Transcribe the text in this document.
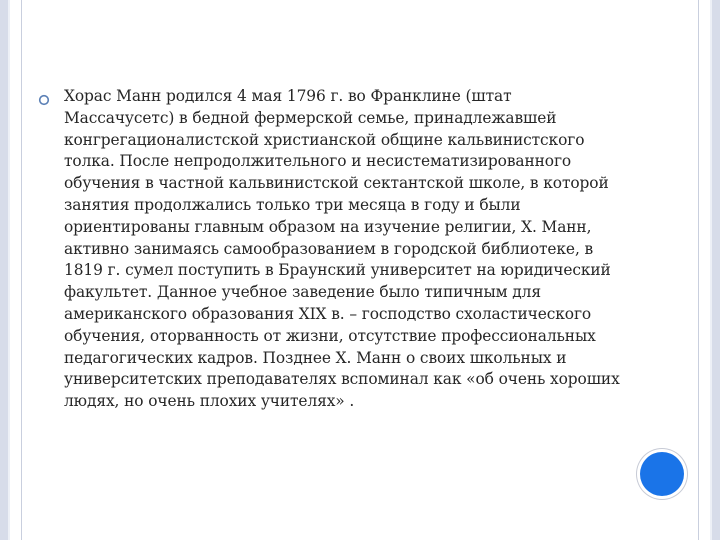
Хорас Манн родился 4 мая 1796 г. во Франклине (штат Массачусетс) в бедной фермерской семье, принадлежавшей конгрегационалистской христианской общине кальвинистского толка. После непродолжительного и несистематизированного обучения в частной кальвинистской сектантской школе, в которой занятия продолжались только три месяца в году и были ориентированы главным образом на изучение религии, Х. Манн, активно занимаясь самообразованием в городской библиотеке, в 1819 г. сумел поступить в Браунский университет на юридический факультет. Данное учебное заведение было типичным для американского образования XIX в. – господство схоластического обучения, оторванность от жизни, отсутствие профессиональных педагогических кадров. Позднее Х. Манн о своих школьных и университетских преподавателях вспоминал как «об очень хороших людях, но очень плохих учителях» .
